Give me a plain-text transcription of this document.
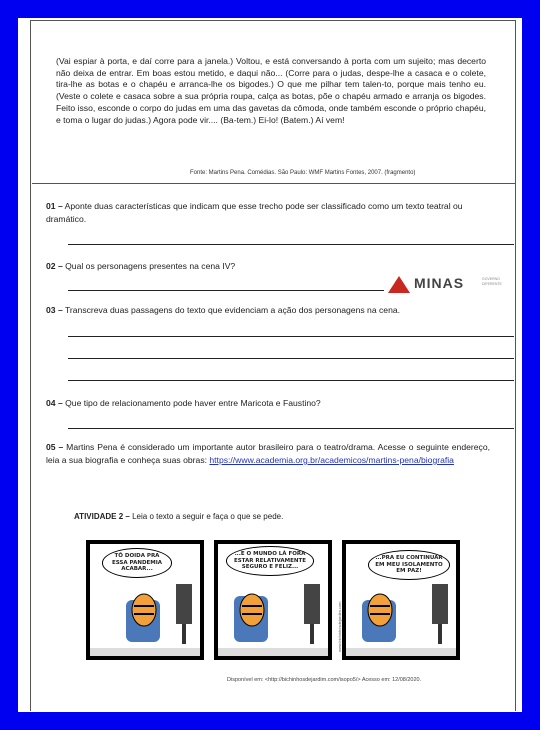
(Vai espiar à porta, e daí corre para a janela.) Voltou, e está conversando à porta com um sujeito; mas decerto não deixa de entrar. Em boas estou metido, e daqui não... (Corre para o judas, despe-lhe a casaca e o colete, tira-lhe as botas e o chapéu e arranca-lhe os bigodes.) O que me pilhar tem talen-to, porque mais tenho eu. (Veste o colete e casaca sobre a sua própria roupa, calça as botas, põe o chapéu armado e arranja os bigodes. Feito isso, esconde o corpo do judas em uma das gavetas da cômoda, onde também esconde o próprio chapéu, e toma o lugar do judas.) Agora pode vir.... (Ba-tem.) Ei-lo! (Batem.) Aí vem!
Fonte: Martins Pena. Comédias. São Paulo: WMF Martins Fontes, 2007. (fragmento)
01 – Aponte duas características que indicam que esse trecho pode ser classificado como um texto teatral ou dramático.
02 – Qual os personagens presentes na cena IV?
MINAS	GOVERNO DIFERENTE
03 – Transcreva duas passagens do texto que evidenciam a ação dos personagens na cena.
04 – Que tipo de relacionamento pode haver entre Maricota e Faustino?
05 – Martins Pena é considerado um importante autor brasileiro para o teatro/drama. Acesse o seguinte endereço, leia a sua biografia e conheça suas obras: https://www.academia.org.br/academicos/martins-pena/biografia
ATIVIDADE 2 – Leia o texto a seguir e faça o que se pede.
TÔ DOIDA PRA ESSA PANDEMIA ACABAR...
...E O MUNDO LÁ FORA ESTAR RELATIVAMENTE SEGURO E FELIZ...
...PRA EU CONTINUAR EM MEU ISOLAMENTO EM PAZ!
www.bichinhosdejardim.com
Disponível em: <http://bichinhosdejardim.com/isopo5/> Acesso em: 12/08/2020.
